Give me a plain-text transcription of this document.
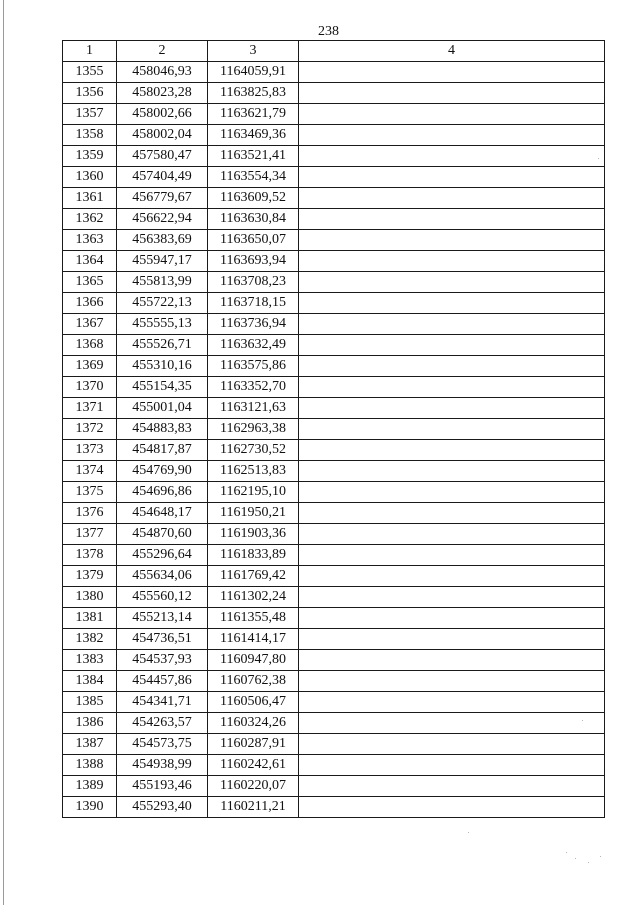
238
1	2	3	4
1355	458046,93	1164059,91	
1356	458023,28	1163825,83	
1357	458002,66	1163621,79	
1358	458002,04	1163469,36	
1359	457580,47	1163521,41	
1360	457404,49	1163554,34	
1361	456779,67	1163609,52	
1362	456622,94	1163630,84	
1363	456383,69	1163650,07	
1364	455947,17	1163693,94	
1365	455813,99	1163708,23	
1366	455722,13	1163718,15	
1367	455555,13	1163736,94	
1368	455526,71	1163632,49	
1369	455310,16	1163575,86	
1370	455154,35	1163352,70	
1371	455001,04	1163121,63	
1372	454883,83	1162963,38	
1373	454817,87	1162730,52	
1374	454769,90	1162513,83	
1375	454696,86	1162195,10	
1376	454648,17	1161950,21	
1377	454870,60	1161903,36	
1378	455296,64	1161833,89	
1379	455634,06	1161769,42	
1380	455560,12	1161302,24	
1381	455213,14	1161355,48	
1382	454736,51	1161414,17	
1383	454537,93	1160947,80	
1384	454457,86	1160762,38	
1385	454341,71	1160506,47	
1386	454263,57	1160324,26	
1387	454573,75	1160287,91	
1388	454938,99	1160242,61	
1389	455193,46	1160220,07	
1390	455293,40	1160211,21	
